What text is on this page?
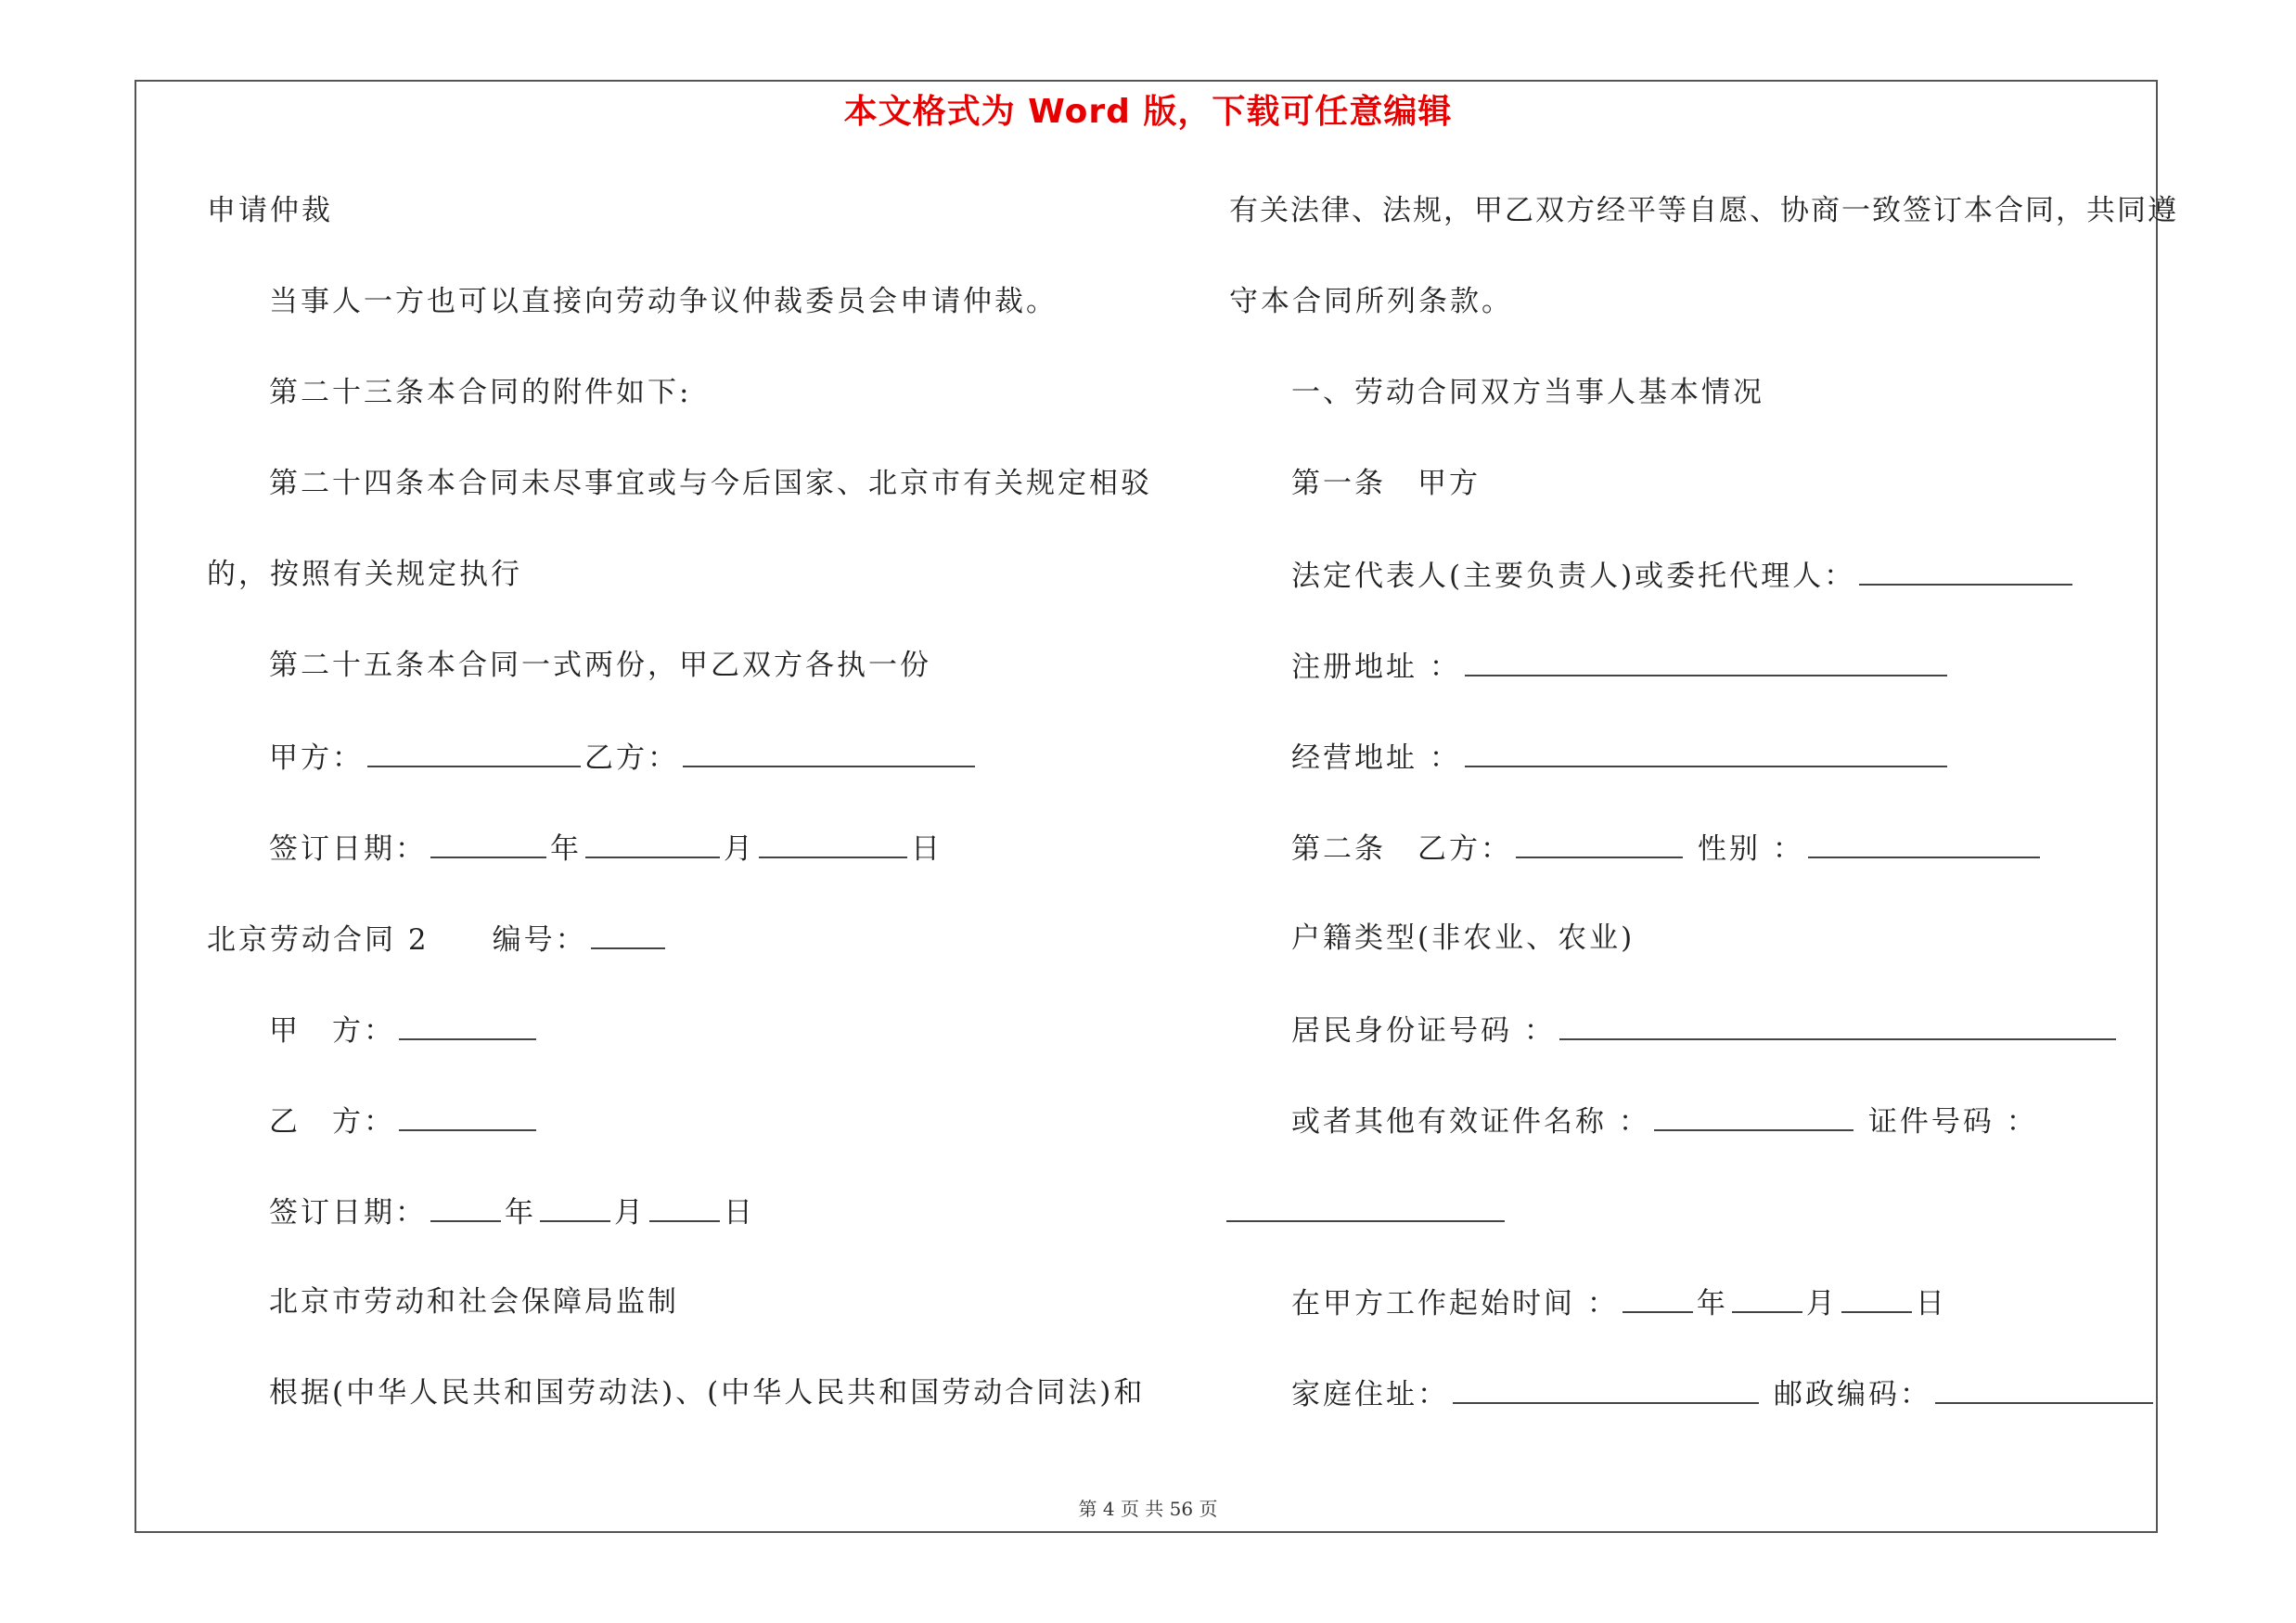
本文格式为 Word 版，下载可任意编辑
申请仲裁
当事人一方也可以直接向劳动争议仲裁委员会申请仲裁。
第二十三条本合同的附件如下:
第二十四条本合同未尽事宜或与今后国家、北京市有关规定相驳
的，按照有关规定执行
第二十五条本合同一式两份，甲乙双方各执一份
甲方：	乙方：
签订日期：	年	月	日
北京劳动合同 2 编号：
甲　方：
乙　方：
签订日期：	年	月	日
北京市劳动和社会保障局监制
根据(中华人民共和国劳动法)、(中华人民共和国劳动合同法)和
有关法律、法规，甲乙双方经平等自愿、协商一致签订本合同，共同遵
守本合同所列条款。
一、劳动合同双方当事人基本情况
第一条　甲方
法定代表人(主要负责人)或委托代理人：
注册地址 ：
经营地址 ：
第二条　乙方：	性别 ：
户籍类型(非农业、农业)
居民身份证号码 ：
或者其他有效证件名称 ：	证件号码 ：
在甲方工作起始时间 ：	年	月	日
家庭住址：	邮政编码：
第 4 页 共 56 页
